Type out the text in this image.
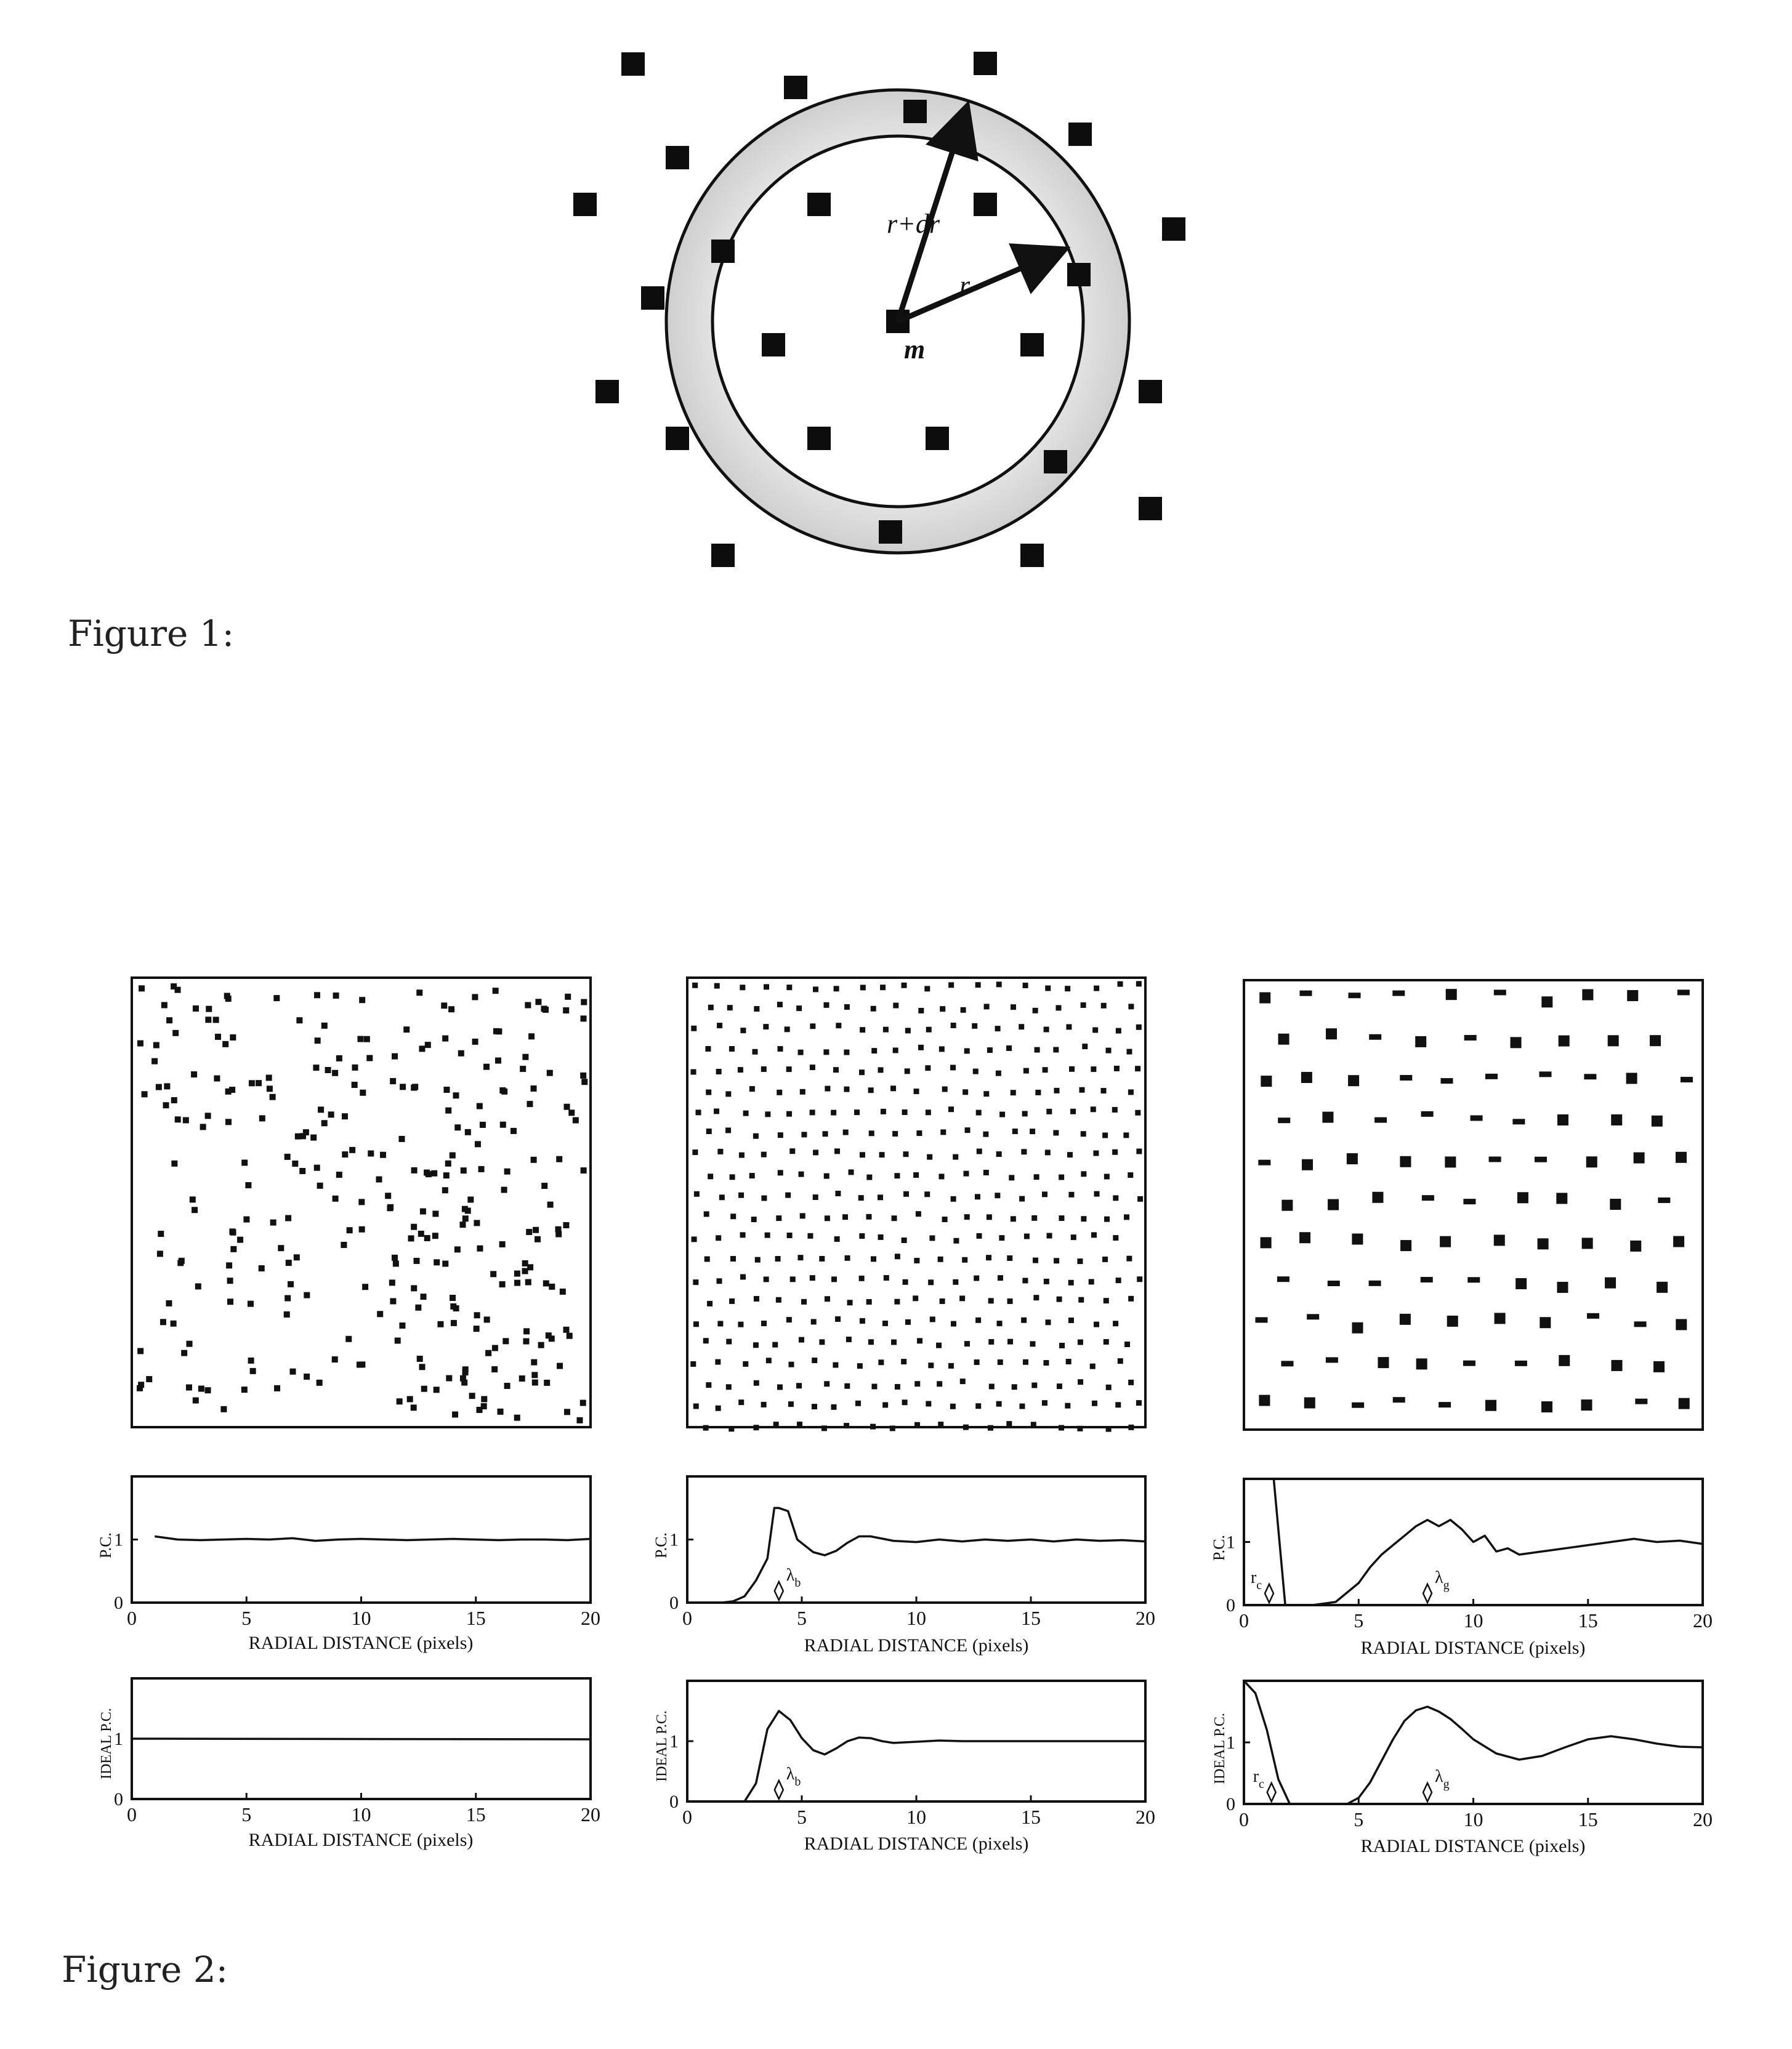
r+dr
r
m
0	5	10	15	20
0
1
0	5	10	15	20
0
1
$\lambda_b$
0	5	10	15	20
0
1
$r_c$	$\lambda_g$
0	5	10	15	20
0
1
0	5	10	15	20
0
1
$\lambda_b$
0	5	10	15	20
0
1
$r_c$	$\lambda_g$
RADIAL DISTANCE (pixels)	RADIAL DISTANCE (pixels)	RADIAL DISTANCE (pixels)
RADIAL DISTANCE (pixels)	RADIAL DISTANCE (pixels)	RADIAL DISTANCE (pixels)
P.C.	P.C.	P.C.
IDEAL P.C.	IDEAL P.C.	IDEAL P.C.
Figure 1:
Figure 2:
